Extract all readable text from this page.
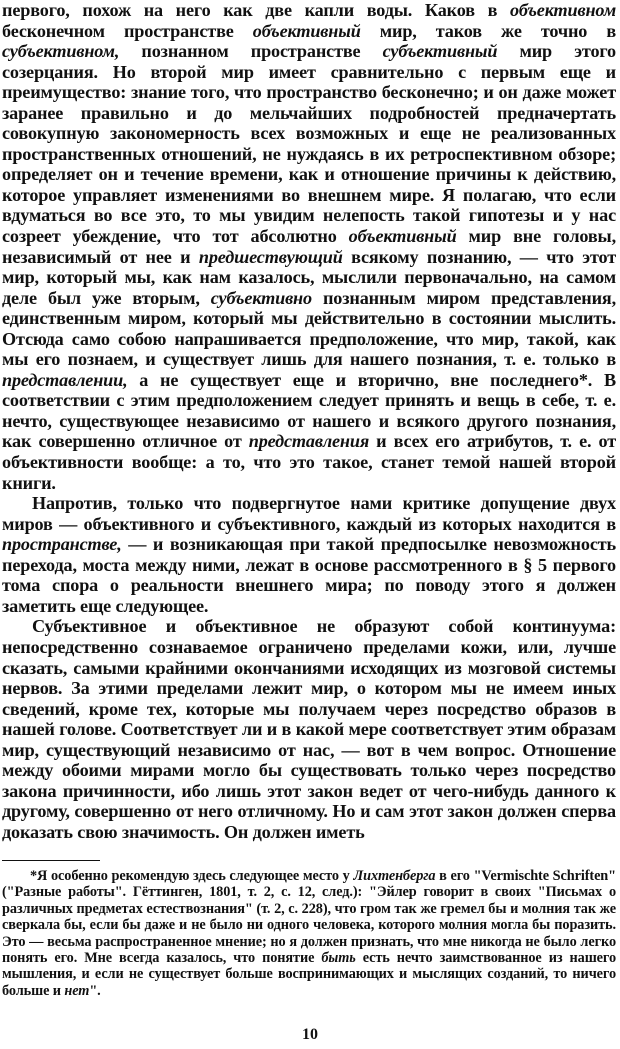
первого, похож на него как две капли воды. Каков в объективном бесконечном пространстве объективный мир, таков же точно в субъективном, познанном пространстве субъективный мир этого созерцания. Но второй мир имеет сравнительно с первым еще и преимущество: знание того, что пространство бесконечно; и он даже может заранее правильно и до мельчайших подробностей предначертать совокупную закономерность всех возможных и еще не реализованных пространственных отношений, не нуждаясь в их ретроспективном обзоре; определяет он и течение времени, как и отношение причины к действию, которое управляет изменениями во внешнем мире. Я полагаю, что если вдуматься во все это, то мы увидим нелепость такой гипотезы и у нас созреет убеждение, что тот абсолютно объективный мир вне головы, независимый от нее и предшествующий всякому познанию, — что этот мир, который мы, как нам казалось, мыслили первоначально, на самом деле был уже вторым, субъективно познанным миром представления, единственным миром, который мы действительно в состоянии мыслить. Отсюда само собою напрашивается предположение, что мир, такой, как мы его познаем, и существует лишь для нашего познания, т. е. только в представлении, а не существует еще и вторично, вне последнего*. В соответствии с этим предположением следует принять и вещь в себе, т. е. нечто, существующее независимо от нашего и всякого другого познания, как совершенно отличное от представления и всех его атрибутов, т. е. от объективности вообще: а то, что это такое, станет темой нашей второй книги.

Напротив, только что подвергнутое нами критике допущение двух миров — объективного и субъективного, каждый из которых находится в пространстве, — и возникающая при такой предпосылке невозможность перехода, моста между ними, лежат в основе рассмотренного в § 5 первого тома спора о реальности внешнего мира; по поводу этого я должен заметить еще следующее.

Субъективное и объективное не образуют собой континуума: непосредственно сознаваемое ограничено пределами кожи, или, лучше сказать, самыми крайними окончаниями исходящих из мозговой системы нервов. За этими пределами лежит мир, о котором мы не имеем иных сведений, кроме тех, которые мы получаем через посредство образов в нашей голове. Соответствует ли и в какой мере соответствует этим образам мир, существующий независимо от нас, — вот в чем вопрос. Отношение между обоими мирами могло бы существовать только через посредство закона причинности, ибо лишь этот закон ведет от чего-нибудь данного к другому, совершенно от него отличному. Но и сам этот закон должен сперва доказать свою значимость. Он должен иметь

*Я особенно рекомендую здесь следующее место у Лихтенберга в его "Vermischte Schriften" ("Разные работы". Гёттинген, 1801, т. 2, с. 12, след.): "Эйлер говорит в своих "Письмах о различных предметах естествознания" (т. 2, с. 228), что гром так же гремел бы и молния так же сверкала бы, если бы даже и не было ни одного человека, которого молния могла бы поразить. Это — весьма распространенное мнение; но я должен признать, что мне никогда не было легко понять его. Мне всегда казалось, что понятие быть есть нечто заимствованное из нашего мышления, и если не существует больше воспринимающих и мыслящих созданий, то ничего больше и нет".

10
